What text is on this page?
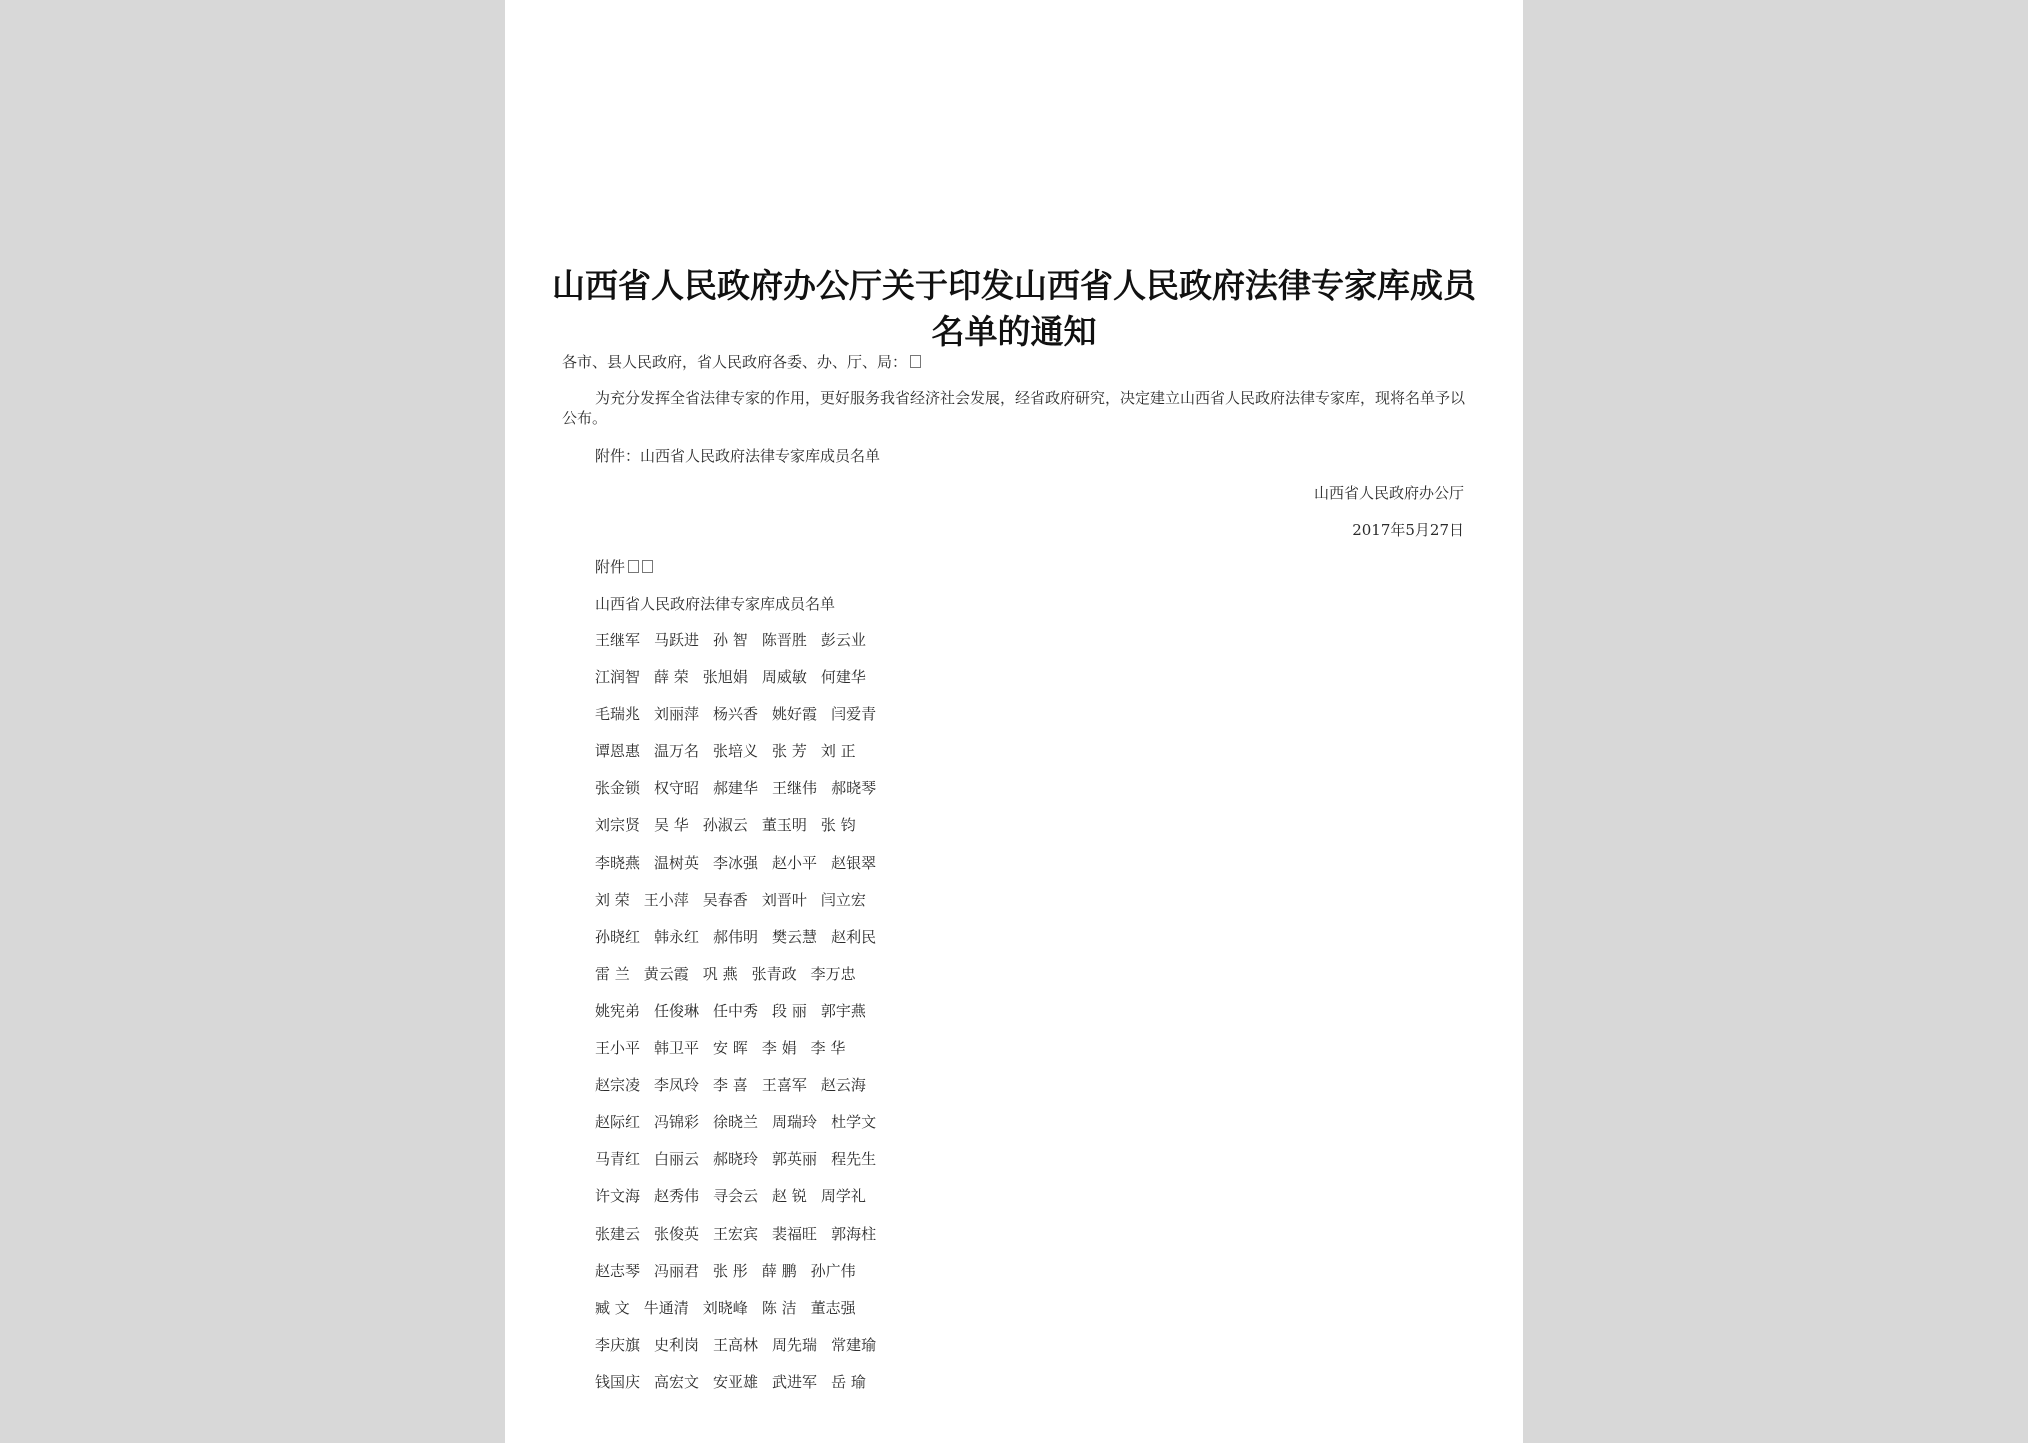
山西省人民政府办公厅关于印发山西省人民政府法律专家库成员名单的通知

各市、县人民政府，省人民政府各委、办、厅、局：

为充分发挥全省法律专家的作用，更好服务我省经济社会发展，经省政府研究，决定建立山西省人民政府法律专家库，现将名单予以公布。

附件：山西省人民政府法律专家库成员名单

山西省人民政府办公厅

2017年5月27日

附件

山西省人民政府法律专家库成员名单

王继军 马跃进 孙 智 陈晋胜 彭云业
江润智 薛 荣 张旭娟 周威敏 何建华
毛瑞兆 刘丽萍 杨兴香 姚好霞 闫爱青
谭恩惠 温万名 张培义 张 芳 刘 正
张金锁 权守昭 郝建华 王继伟 郝晓琴
刘宗贤 吴 华 孙淑云 董玉明 张 钧
李晓燕 温树英 李冰强 赵小平 赵银翠
刘 荣 王小萍 吴春香 刘晋叶 闫立宏
孙晓红 韩永红 郝伟明 樊云慧 赵利民
雷 兰 黄云霞 巩 燕 张青政 李万忠
姚宪弟 任俊琳 任中秀 段 丽 郭宇燕
王小平 韩卫平 安 晖 李 娟 李 华
赵宗凌 李凤玲 李 喜 王喜军 赵云海
赵际红 冯锦彩 徐晓兰 周瑞玲 杜学文
马青红 白丽云 郝晓玲 郭英丽 程先生
许文海 赵秀伟 寻会云 赵 锐 周学礼
张建云 张俊英 王宏宾 裴福旺 郭海柱
赵志琴 冯丽君 张 彤 薛 鹏 孙广伟
臧 文 牛通清 刘晓峰 陈 洁 董志强
李庆旗 史利岗 王高林 周先瑞 常建瑜
钱国庆 高宏文 安亚雄 武进军 岳 瑜
